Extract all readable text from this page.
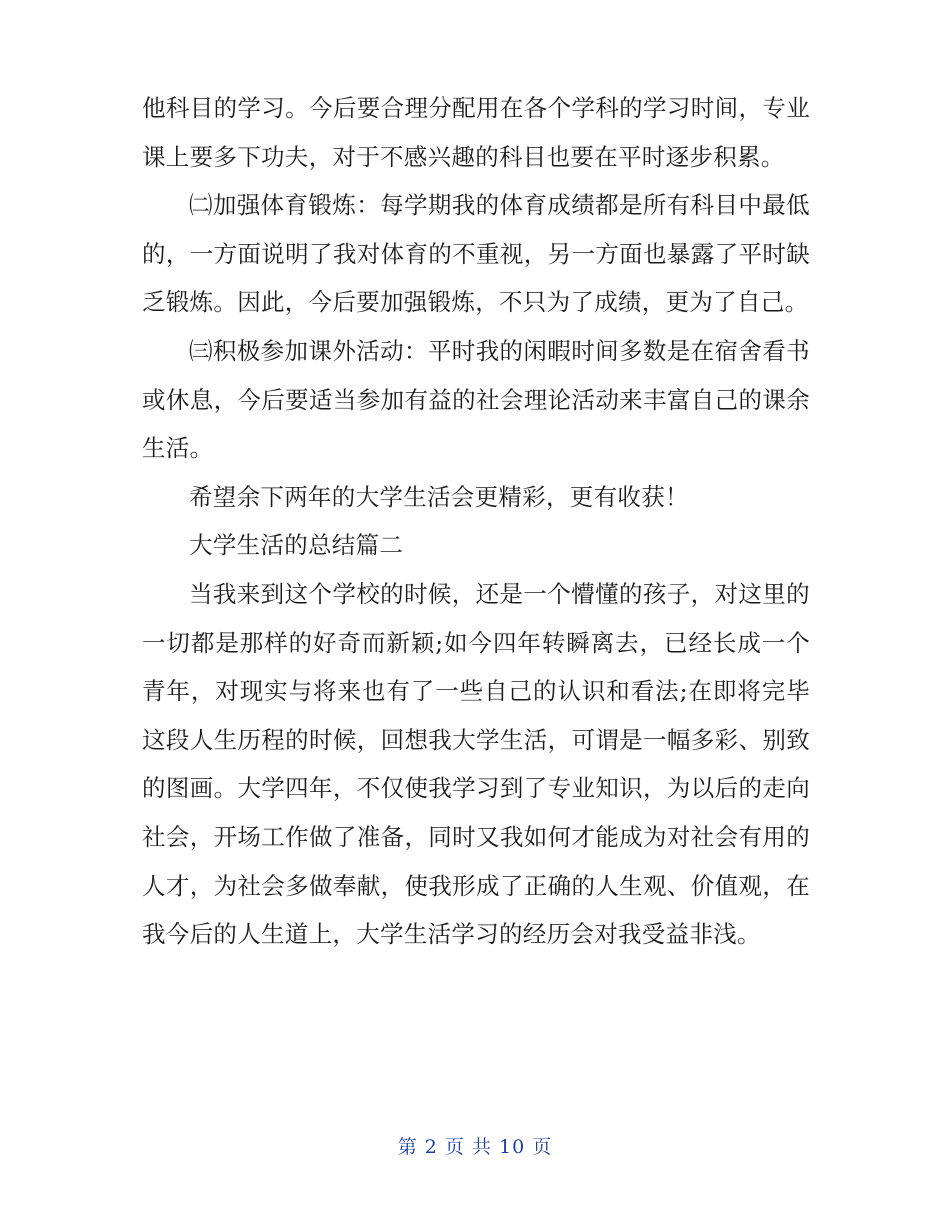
他科目的学习。今后要合理分配用在各个学科的学习时间，专业课上要多下功夫，对于不感兴趣的科目也要在平时逐步积累。

㈡加强体育锻炼：每学期我的体育成绩都是所有科目中最低的，一方面说明了我对体育的不重视，另一方面也暴露了平时缺乏锻炼。因此，今后要加强锻炼，不只为了成绩，更为了自己。

㈢积极参加课外活动：平时我的闲暇时间多数是在宿舍看书或休息，今后要适当参加有益的社会理论活动来丰富自己的课余生活。

希望余下两年的大学生活会更精彩，更有收获！

大学生活的总结篇二

当我来到这个学校的时候，还是一个懵懂的孩子，对这里的一切都是那样的好奇而新颖;如今四年转瞬离去，已经长成一个青年，对现实与将来也有了一些自己的认识和看法;在即将完毕这段人生历程的时候，回想我大学生活，可谓是一幅多彩、别致的图画。大学四年，不仅使我学习到了专业知识，为以后的走向社会，开场工作做了准备，同时又我如何才能成为对社会有用的人才，为社会多做奉献，使我形成了正确的人生观、价值观，在我今后的人生道上，大学生活学习的经历会对我受益非浅。

第 2 页 共 10 页
